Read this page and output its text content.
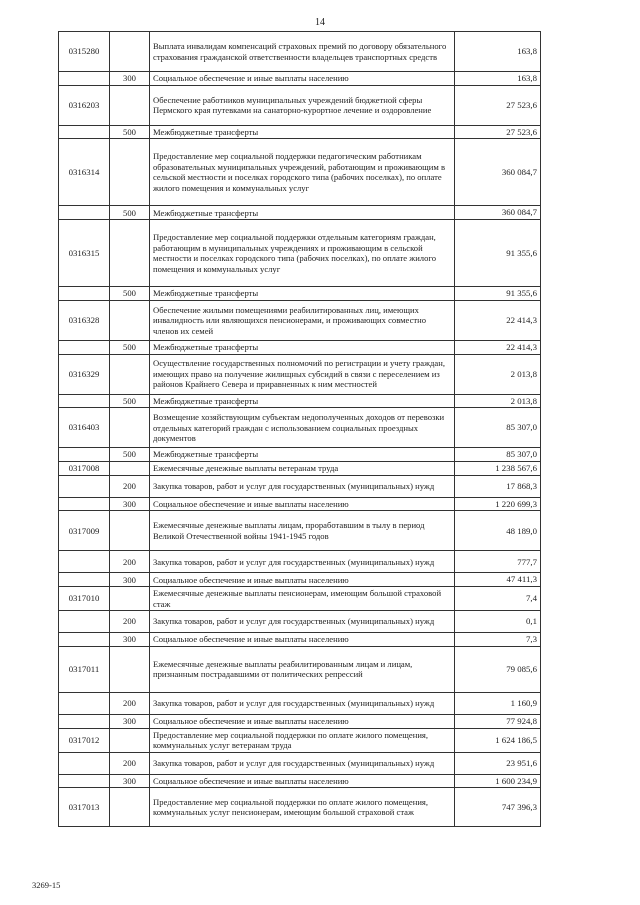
14
0315280		Выплата инвалидам компенсаций страховых премий по договору обязательного страхования гражданской ответственности владельцев транспортных средств	163,8
	300	Социальное обеспечение и иные выплаты населению	163,8
0316203		Обеспечение работников муниципальных учреждений бюджетной сферы Пермского края путевками на санаторно-курортное лечение и оздоровление	27 523,6
	500	Межбюджетные трансферты	27 523,6
0316314		Предоставление мер социальной поддержки педагогическим работникам образовательных муниципальных учреждений, работающим и проживающим в сельской местности и поселках городского типа (рабочих поселках), по оплате жилого помещения и коммунальных услуг	360 084,7
	500	Межбюджетные трансферты	360 084,7
0316315		Предоставление мер социальной поддержки отдельным категориям граждан, работающим в муниципальных учреждениях и проживающим в сельской местности и поселках городского типа (рабочих поселках), по оплате жилого помещения и коммунальных услуг	91 355,6
	500	Межбюджетные трансферты	91 355,6
0316328		Обеспечение жилыми помещениями реабилитированных лиц, имеющих инвалидность или являющихся пенсионерами, и проживающих совместно членов их семей	22 414,3
	500	Межбюджетные трансферты	22 414,3
0316329		Осуществление государственных полномочий по регистрации и учету граждан, имеющих право на получение жилищных субсидий в связи с переселением из районов Крайнего Севера и приравненных к ним местностей	2 013,8
	500	Межбюджетные трансферты	2 013,8
0316403		Возмещение хозяйствующим субъектам недополученных доходов от перевозки отдельных категорий граждан с использованием социальных проездных документов	85 307,0
	500	Межбюджетные трансферты	85 307,0
0317008		Ежемесячные денежные выплаты ветеранам труда	1 238 567,6
	200	Закупка товаров, работ и услуг для государственных (муниципальных) нужд	17 868,3
	300	Социальное обеспечение и иные выплаты населению	1 220 699,3
0317009		Ежемесячные денежные выплаты лицам, проработавшим в тылу в период Великой Отечественной войны 1941-1945 годов	48 189,0
	200	Закупка товаров, работ и услуг для государственных (муниципальных) нужд	777,7
	300	Социальное обеспечение и иные выплаты населению	47 411,3
0317010		Ежемесячные денежные выплаты пенсионерам, имеющим большой страховой стаж	7,4
	200	Закупка товаров, работ и услуг для государственных (муниципальных) нужд	0,1
	300	Социальное обеспечение и иные выплаты населению	7,3
0317011		Ежемесячные денежные выплаты реабилитированным лицам и лицам, признанным пострадавшими от политических репрессий	79 085,6
	200	Закупка товаров, работ и услуг для государственных (муниципальных) нужд	1 160,9
	300	Социальное обеспечение и иные выплаты населению	77 924,8
0317012		Предоставление мер социальной поддержки по оплате жилого помещения, коммунальных услуг ветеранам труда	1 624 186,5
	200	Закупка товаров, работ и услуг для государственных (муниципальных) нужд	23 951,6
	300	Социальное обеспечение и иные выплаты населению	1 600 234,9
0317013		Предоставление мер социальной поддержки по оплате жилого помещения, коммунальных услуг пенсионерам, имеющим большой страховой стаж	747 396,3
3269-15
